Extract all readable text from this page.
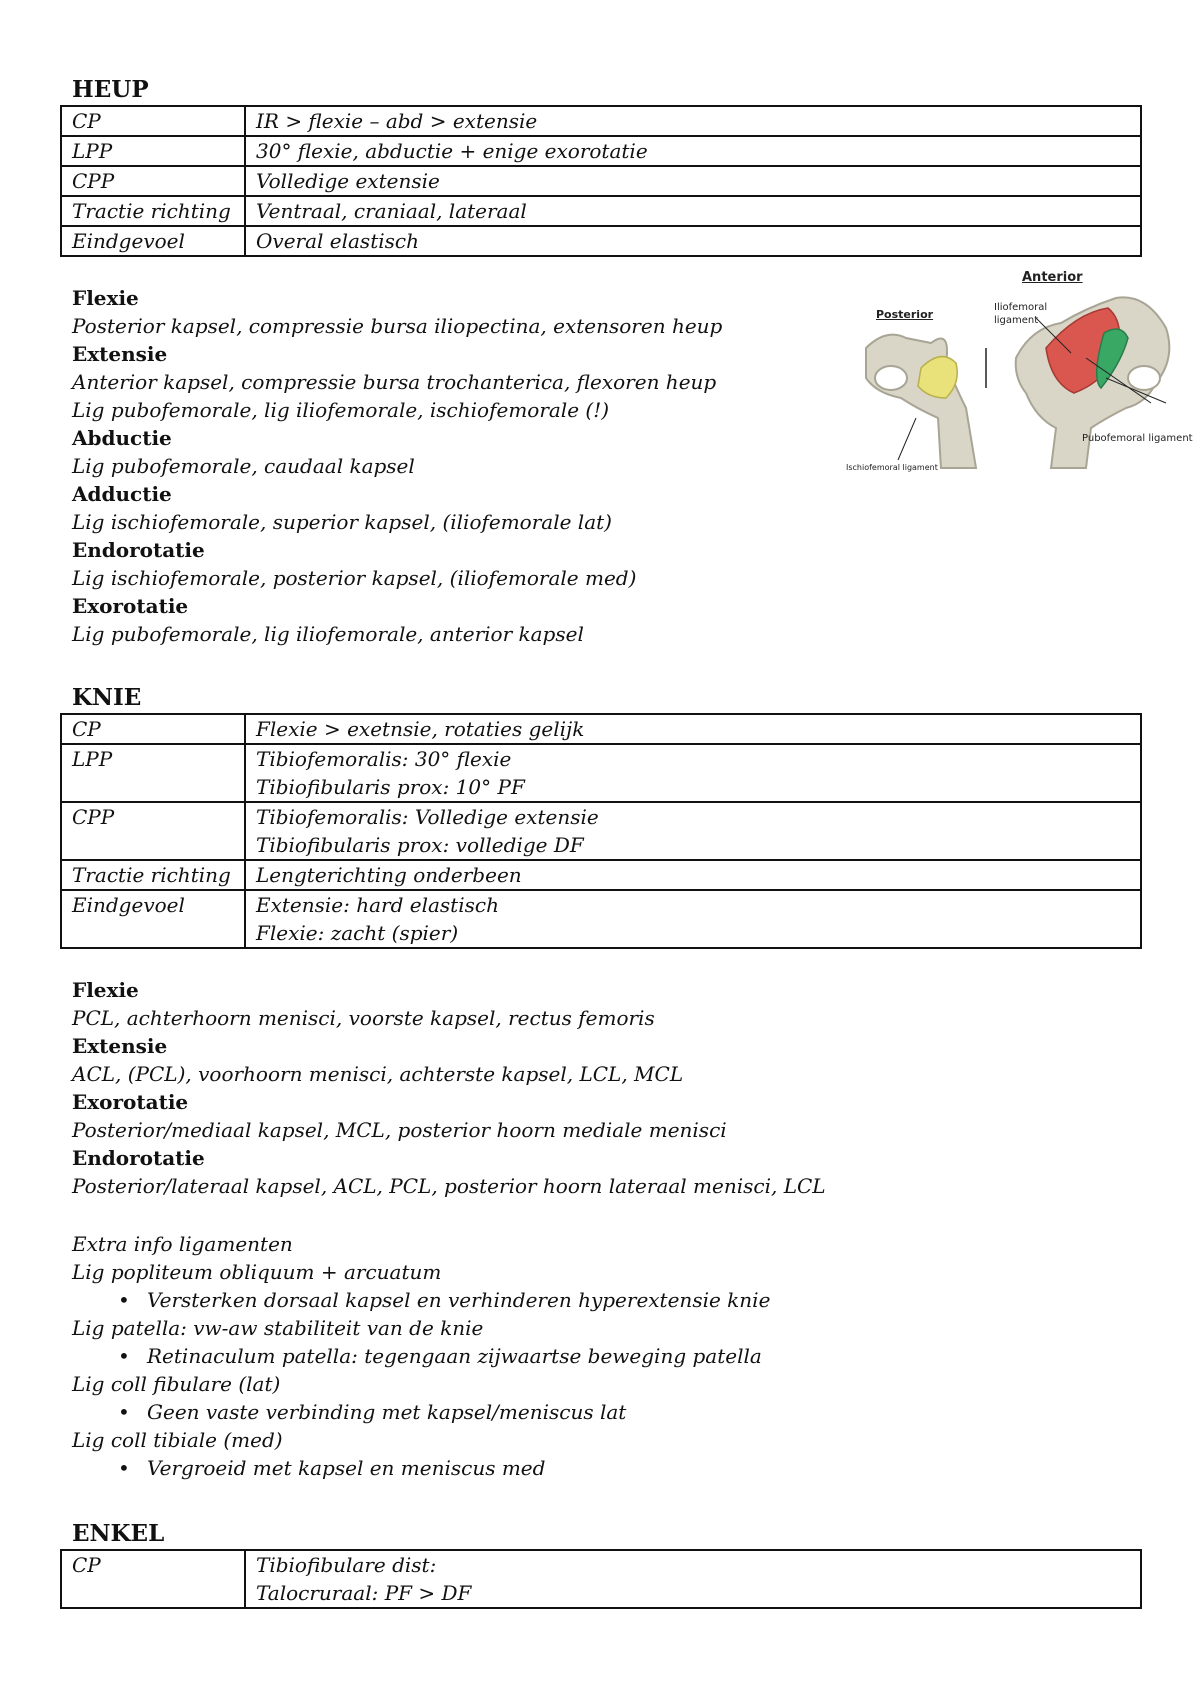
HEUP
CP	IR > flexie – abd > extensie

LPP	30° flexie, abductie + enige exorotatie

CPP	Volledige extensie

Tractie richting	Ventraal, craniaal, lateraal

Eindgevoel	Overal elastisch
Flexie
Posterior kapsel, compressie bursa iliopectina, extensoren heup
Extensie
Anterior kapsel, compressie bursa trochanterica, flexoren heup
Lig pubofemorale, lig iliofemorale, ischiofemorale (!)
Abductie
Lig pubofemorale, caudaal kapsel
Adductie
Lig ischiofemorale, superior kapsel, (iliofemorale lat)
Endorotatie
Lig ischiofemorale, posterior kapsel, (iliofemorale med)
Exorotatie
Lig pubofemorale, lig iliofemorale, anterior kapsel
Anterior
Posterior
Iliofemoral
ligament
Pubofemoral ligament
Ischiofemoral ligament
KNIE
CP	Flexie > exetnsie, rotaties gelijk

LPP	Tibiofemoralis: 30° flexie
Tibiofibularis prox: 10° PF

CPP	Tibiofemoralis: Volledige extensie
Tibiofibularis prox: volledige DF

Tractie richting	Lengterichting onderbeen

Eindgevoel	Extensie: hard elastisch
Flexie: zacht (spier)
Flexie
PCL, achterhoorn menisci, voorste kapsel, rectus femoris
Extensie
ACL, (PCL), voorhoorn menisci, achterste kapsel, LCL, MCL
Exorotatie
Posterior/mediaal kapsel, MCL, posterior hoorn mediale menisci
Endorotatie
Posterior/lateraal kapsel, ACL, PCL, posterior hoorn lateraal menisci, LCL
Extra info ligamenten
Lig popliteum obliquum + arcuatum
• Versterken dorsaal kapsel en verhinderen hyperextensie knie
Lig patella: vw-aw stabiliteit van de knie
• Retinaculum patella: tegengaan zijwaartse beweging patella
Lig coll fibulare (lat)
• Geen vaste verbinding met kapsel/meniscus lat
Lig coll tibiale (med)
• Vergroeid met kapsel en meniscus med
ENKEL
CP	Tibiofibulare dist:
Talocruraal: PF > DF
